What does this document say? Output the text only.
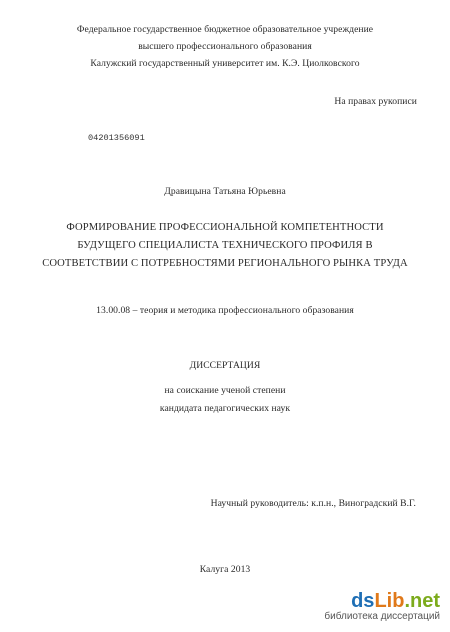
Федеральное государственное бюджетное образовательное учреждение
высшего профессионального образования
Калужский государственный университет им. К.Э. Циолковского
На правах рукописи
04201356091
Дравицына Татьяна Юрьевна
ФОРМИРОВАНИЕ ПРОФЕССИОНАЛЬНОЙ КОМПЕТЕНТНОСТИ
БУДУЩЕГО СПЕЦИАЛИСТА ТЕХНИЧЕСКОГО ПРОФИЛЯ В
СООТВЕТСТВИИ С ПОТРЕБНОСТЯМИ РЕГИОНАЛЬНОГО РЫНКА ТРУДА
13.00.08 – теория и методика профессионального образования
ДИССЕРТАЦИЯ
на соискание ученой степени
кандидата педагогических наук
Научный руководитель: к.п.н., Виноградский В.Г.
Калуга 2013
dsLib.net
библиотека диссертаций
